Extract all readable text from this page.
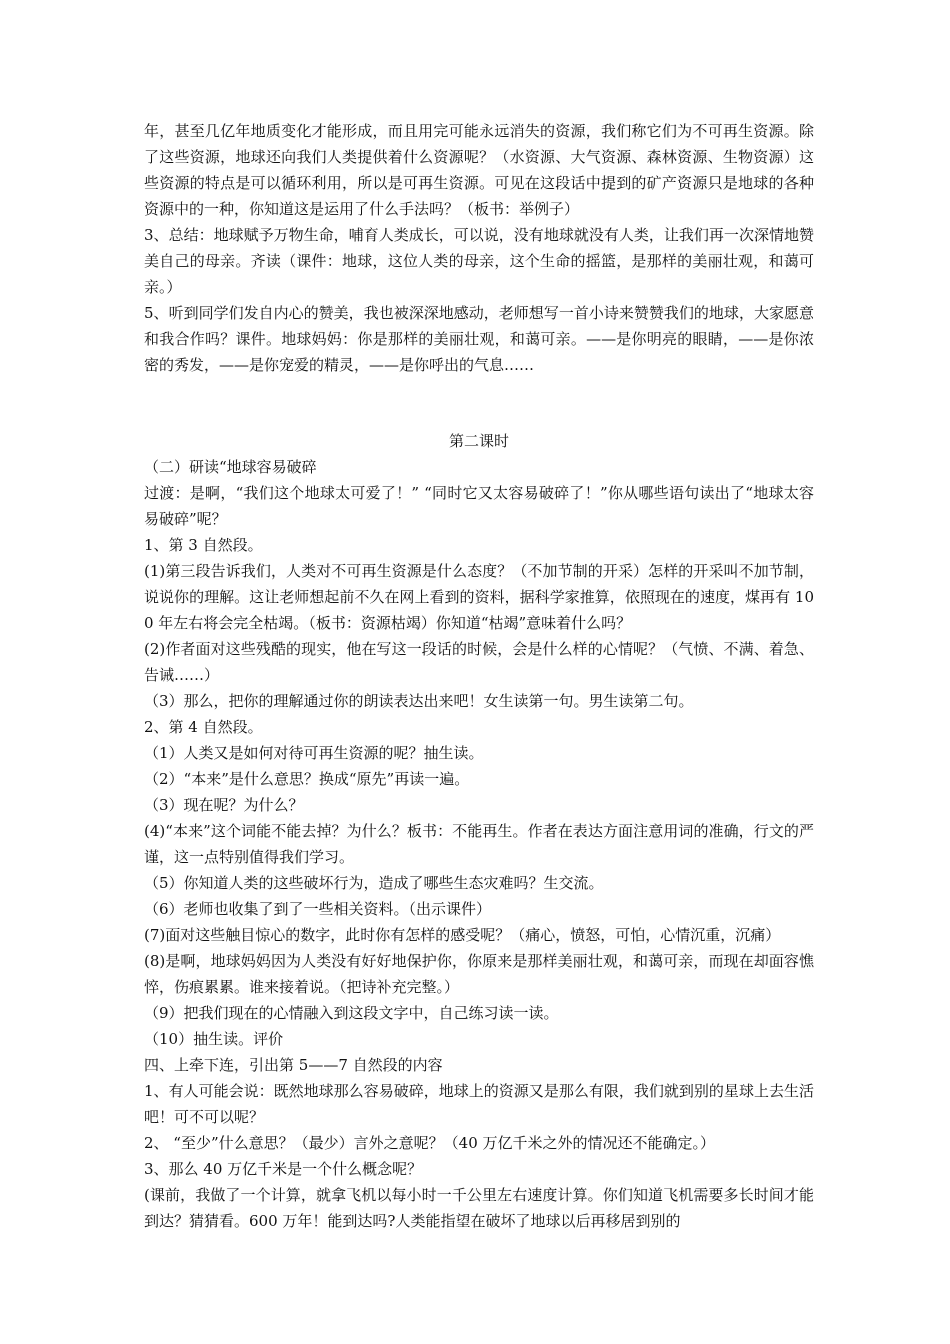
年，甚至几亿年地质变化才能形成，而且用完可能永远消失的资源，我们称它们为不可再生资源。除了这些资源，地球还向我们人类提供着什么资源呢？（水资源、大气资源、森林资源、生物资源）这些资源的特点是可以循环利用，所以是可再生资源。可见在这段话中提到的矿产资源只是地球的各种资源中的一种，你知道这是运用了什么手法吗？（板书：举例子）

3、总结：地球赋予万物生命，哺育人类成长，可以说，没有地球就没有人类，让我们再一次深情地赞美自己的母亲。齐读（课件：地球，这位人类的母亲，这个生命的摇篮，是那样的美丽壮观，和蔼可亲。）

5、听到同学们发自内心的赞美，我也被深深地感动，老师想写一首小诗来赞赞我们的地球，大家愿意和我合作吗？课件。地球妈妈：你是那样的美丽壮观，和蔼可亲。——是你明亮的眼睛，——是你浓密的秀发，——是你宠爱的精灵，——是你呼出的气息……

第二课时

（二）研读“地球容易破碎

过渡：是啊，“我们这个地球太可爱了！” “同时它又太容易破碎了！”你从哪些语句读出了“地球太容易破碎”呢？

1、第 3 自然段。

(1)第三段告诉我们，人类对不可再生资源是什么态度？（不加节制的开采）怎样的开采叫不加节制，说说你的理解。这让老师想起前不久在网上看到的资料，据科学家推算，依照现在的速度，煤再有 100 年左右将会完全枯竭。（板书：资源枯竭）你知道“枯竭”意味着什么吗？

(2)作者面对这些残酷的现实，他在写这一段话的时候，会是什么样的心情呢？（气愤、不满、着急、告诫……）

（3）那么，把你的理解通过你的朗读表达出来吧！女生读第一句。男生读第二句。

2、第 4 自然段。

（1）人类又是如何对待可再生资源的呢？抽生读。

（2）“本来”是什么意思？换成“原先”再读一遍。

（3）现在呢？为什么？

(4)“本来”这个词能不能去掉？为什么？板书：不能再生。作者在表达方面注意用词的准确，行文的严谨，这一点特别值得我们学习。

（5）你知道人类的这些破坏行为，造成了哪些生态灾难吗？生交流。

（6）老师也收集了到了一些相关资料。（出示课件）

(7)面对这些触目惊心的数字，此时你有怎样的感受呢？（痛心，愤怒，可怕，心情沉重，沉痛）

(8)是啊，地球妈妈因为人类没有好好地保护你，你原来是那样美丽壮观，和蔼可亲，而现在却面容憔悴，伤痕累累。谁来接着说。（把诗补充完整。）

（9）把我们现在的心情融入到这段文字中，自己练习读一读。

（10）抽生读。评价

四、上牵下连，引出第 5——7 自然段的内容

1、有人可能会说：既然地球那么容易破碎，地球上的资源又是那么有限，我们就到别的星球上去生活吧！可不可以呢？

2、 “至少”什么意思？（最少）言外之意呢？（40 万亿千米之外的情况还不能确定。）

3、那么 40 万亿千米是一个什么概念呢？

(课前，我做了一个计算，就拿飞机以每小时一千公里左右速度计算。你们知道飞机需要多长时间才能到达？猜猜看。600 万年！能到达吗?人类能指望在破坏了地球以后再移居到别的
